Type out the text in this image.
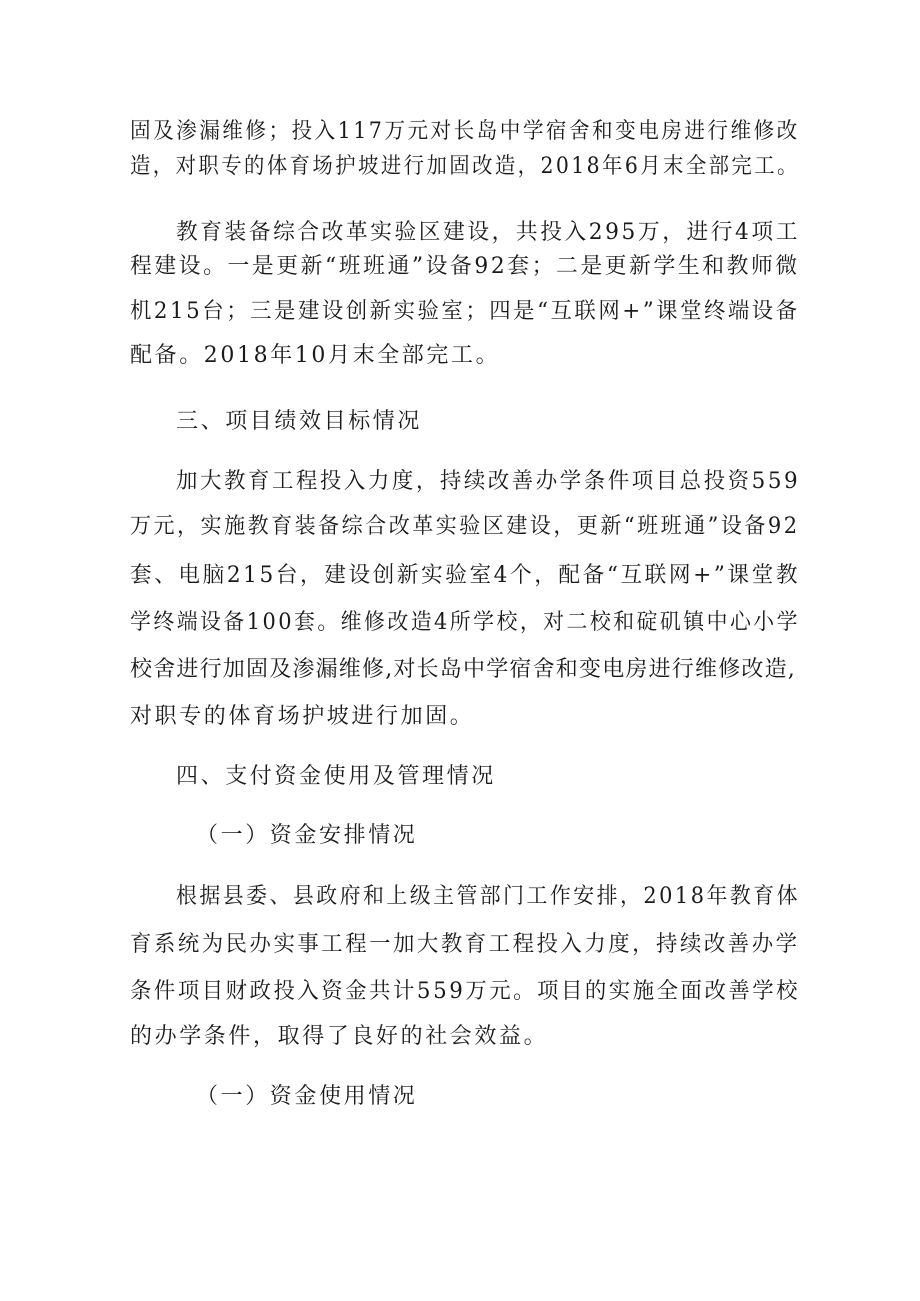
固及渗漏维修；投入117万元对长岛中学宿舍和变电房进行维修改
造，对职专的体育场护坡进行加固改造，2018年6月末全部完工。
教育装备综合改革实验区建设，共投入295万，进行4项工
程建设。一是更新“班班通”设备92套；二是更新学生和教师微
机215台；三是建设创新实验室；四是“互联网+”课堂终端设备
配备。2018年10月末全部完工。
三、项目绩效目标情况
加大教育工程投入力度，持续改善办学条件项目总投资559
万元，实施教育装备综合改革实验区建设，更新“班班通”设备92
套、电脑215台，建设创新实验室4个，配备“互联网+”课堂教
学终端设备100套。维修改造4所学校，对二校和碇矶镇中心小学
校舍进行加固及渗漏维修,对长岛中学宿舍和变电房进行维修改造,
对职专的体育场护坡进行加固。
四、支付资金使用及管理情况
（一）资金安排情况
根据县委、县政府和上级主管部门工作安排，2018年教育体
育系统为民办实事工程一加大教育工程投入力度，持续改善办学
条件项目财政投入资金共计559万元。项目的实施全面改善学校
的办学条件，取得了良好的社会效益。
（一）资金使用情况
